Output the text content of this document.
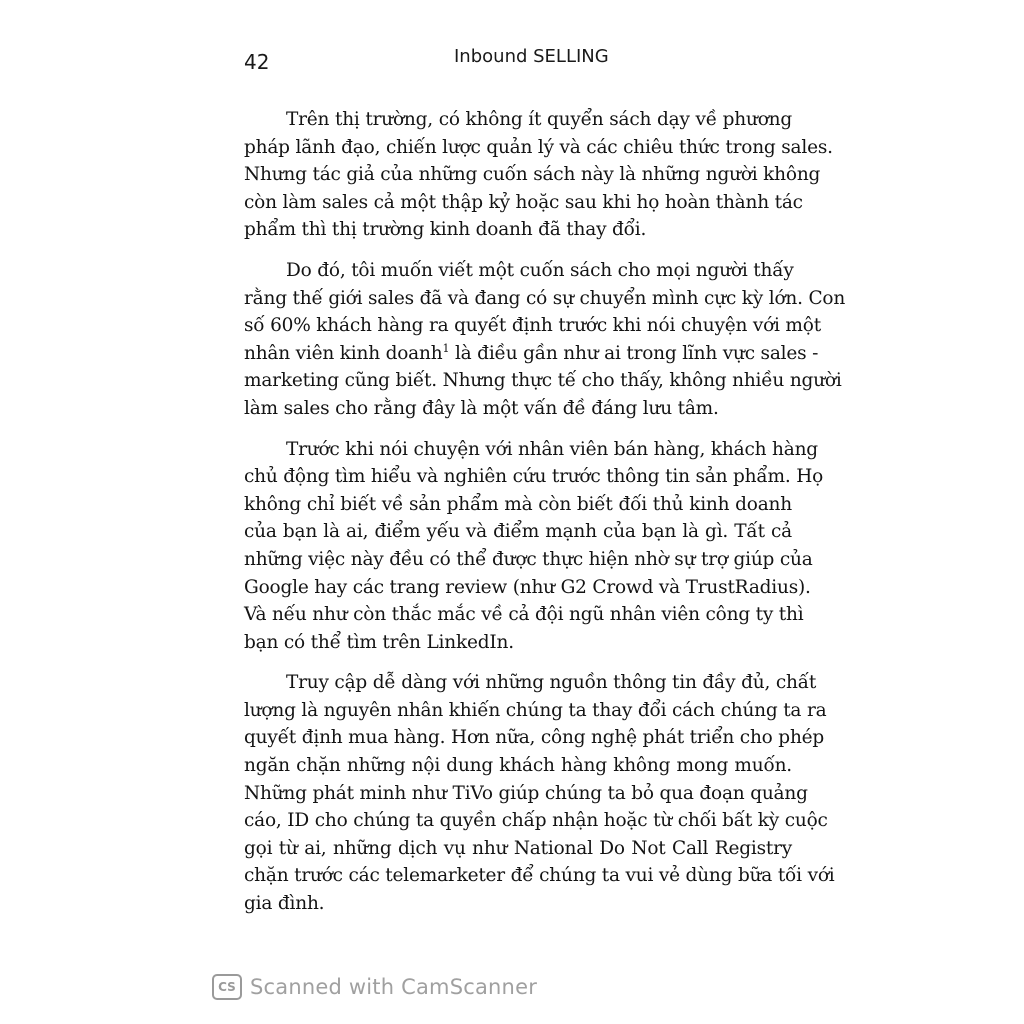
42	Inbound SELLING

Trên thị trường, có không ít quyển sách dạy về phương
pháp lãnh đạo, chiến lược quản lý và các chiêu thức trong sales.
Nhưng tác giả của những cuốn sách này là những người không
còn làm sales cả một thập kỷ hoặc sau khi họ hoàn thành tác
phẩm thì thị trường kinh doanh đã thay đổi.

Do đó, tôi muốn viết một cuốn sách cho mọi người thấy
rằng thế giới sales đã và đang có sự chuyển mình cực kỳ lớn. Con
số 60% khách hàng ra quyết định trước khi nói chuyện với một
nhân viên kinh doanh$^1$ là điều gần như ai trong lĩnh vực sales -
marketing cũng biết. Nhưng thực tế cho thấy, không nhiều người
làm sales cho rằng đây là một vấn đề đáng lưu tâm.

Trước khi nói chuyện với nhân viên bán hàng, khách hàng
chủ động tìm hiểu và nghiên cứu trước thông tin sản phẩm. Họ
không chỉ biết về sản phẩm mà còn biết đối thủ kinh doanh
của bạn là ai, điểm yếu và điểm mạnh của bạn là gì. Tất cả
những việc này đều có thể được thực hiện nhờ sự trợ giúp của
Google hay các trang review (như G2 Crowd và TrustRadius).
Và nếu như còn thắc mắc về cả đội ngũ nhân viên công ty thì
bạn có thể tìm trên LinkedIn.

Truy cập dễ dàng với những nguồn thông tin đầy đủ, chất
lượng là nguyên nhân khiến chúng ta thay đổi cách chúng ta ra
quyết định mua hàng. Hơn nữa, công nghệ phát triển cho phép
ngăn chặn những nội dung khách hàng không mong muốn.
Những phát minh như TiVo giúp chúng ta bỏ qua đoạn quảng
cáo, ID cho chúng ta quyền chấp nhận hoặc từ chối bất kỳ cuộc
gọi từ ai, những dịch vụ như National Do Not Call Registry
chặn trước các telemarketer để chúng ta vui vẻ dùng bữa tối với
gia đình.

CS Scanned with CamScanner
